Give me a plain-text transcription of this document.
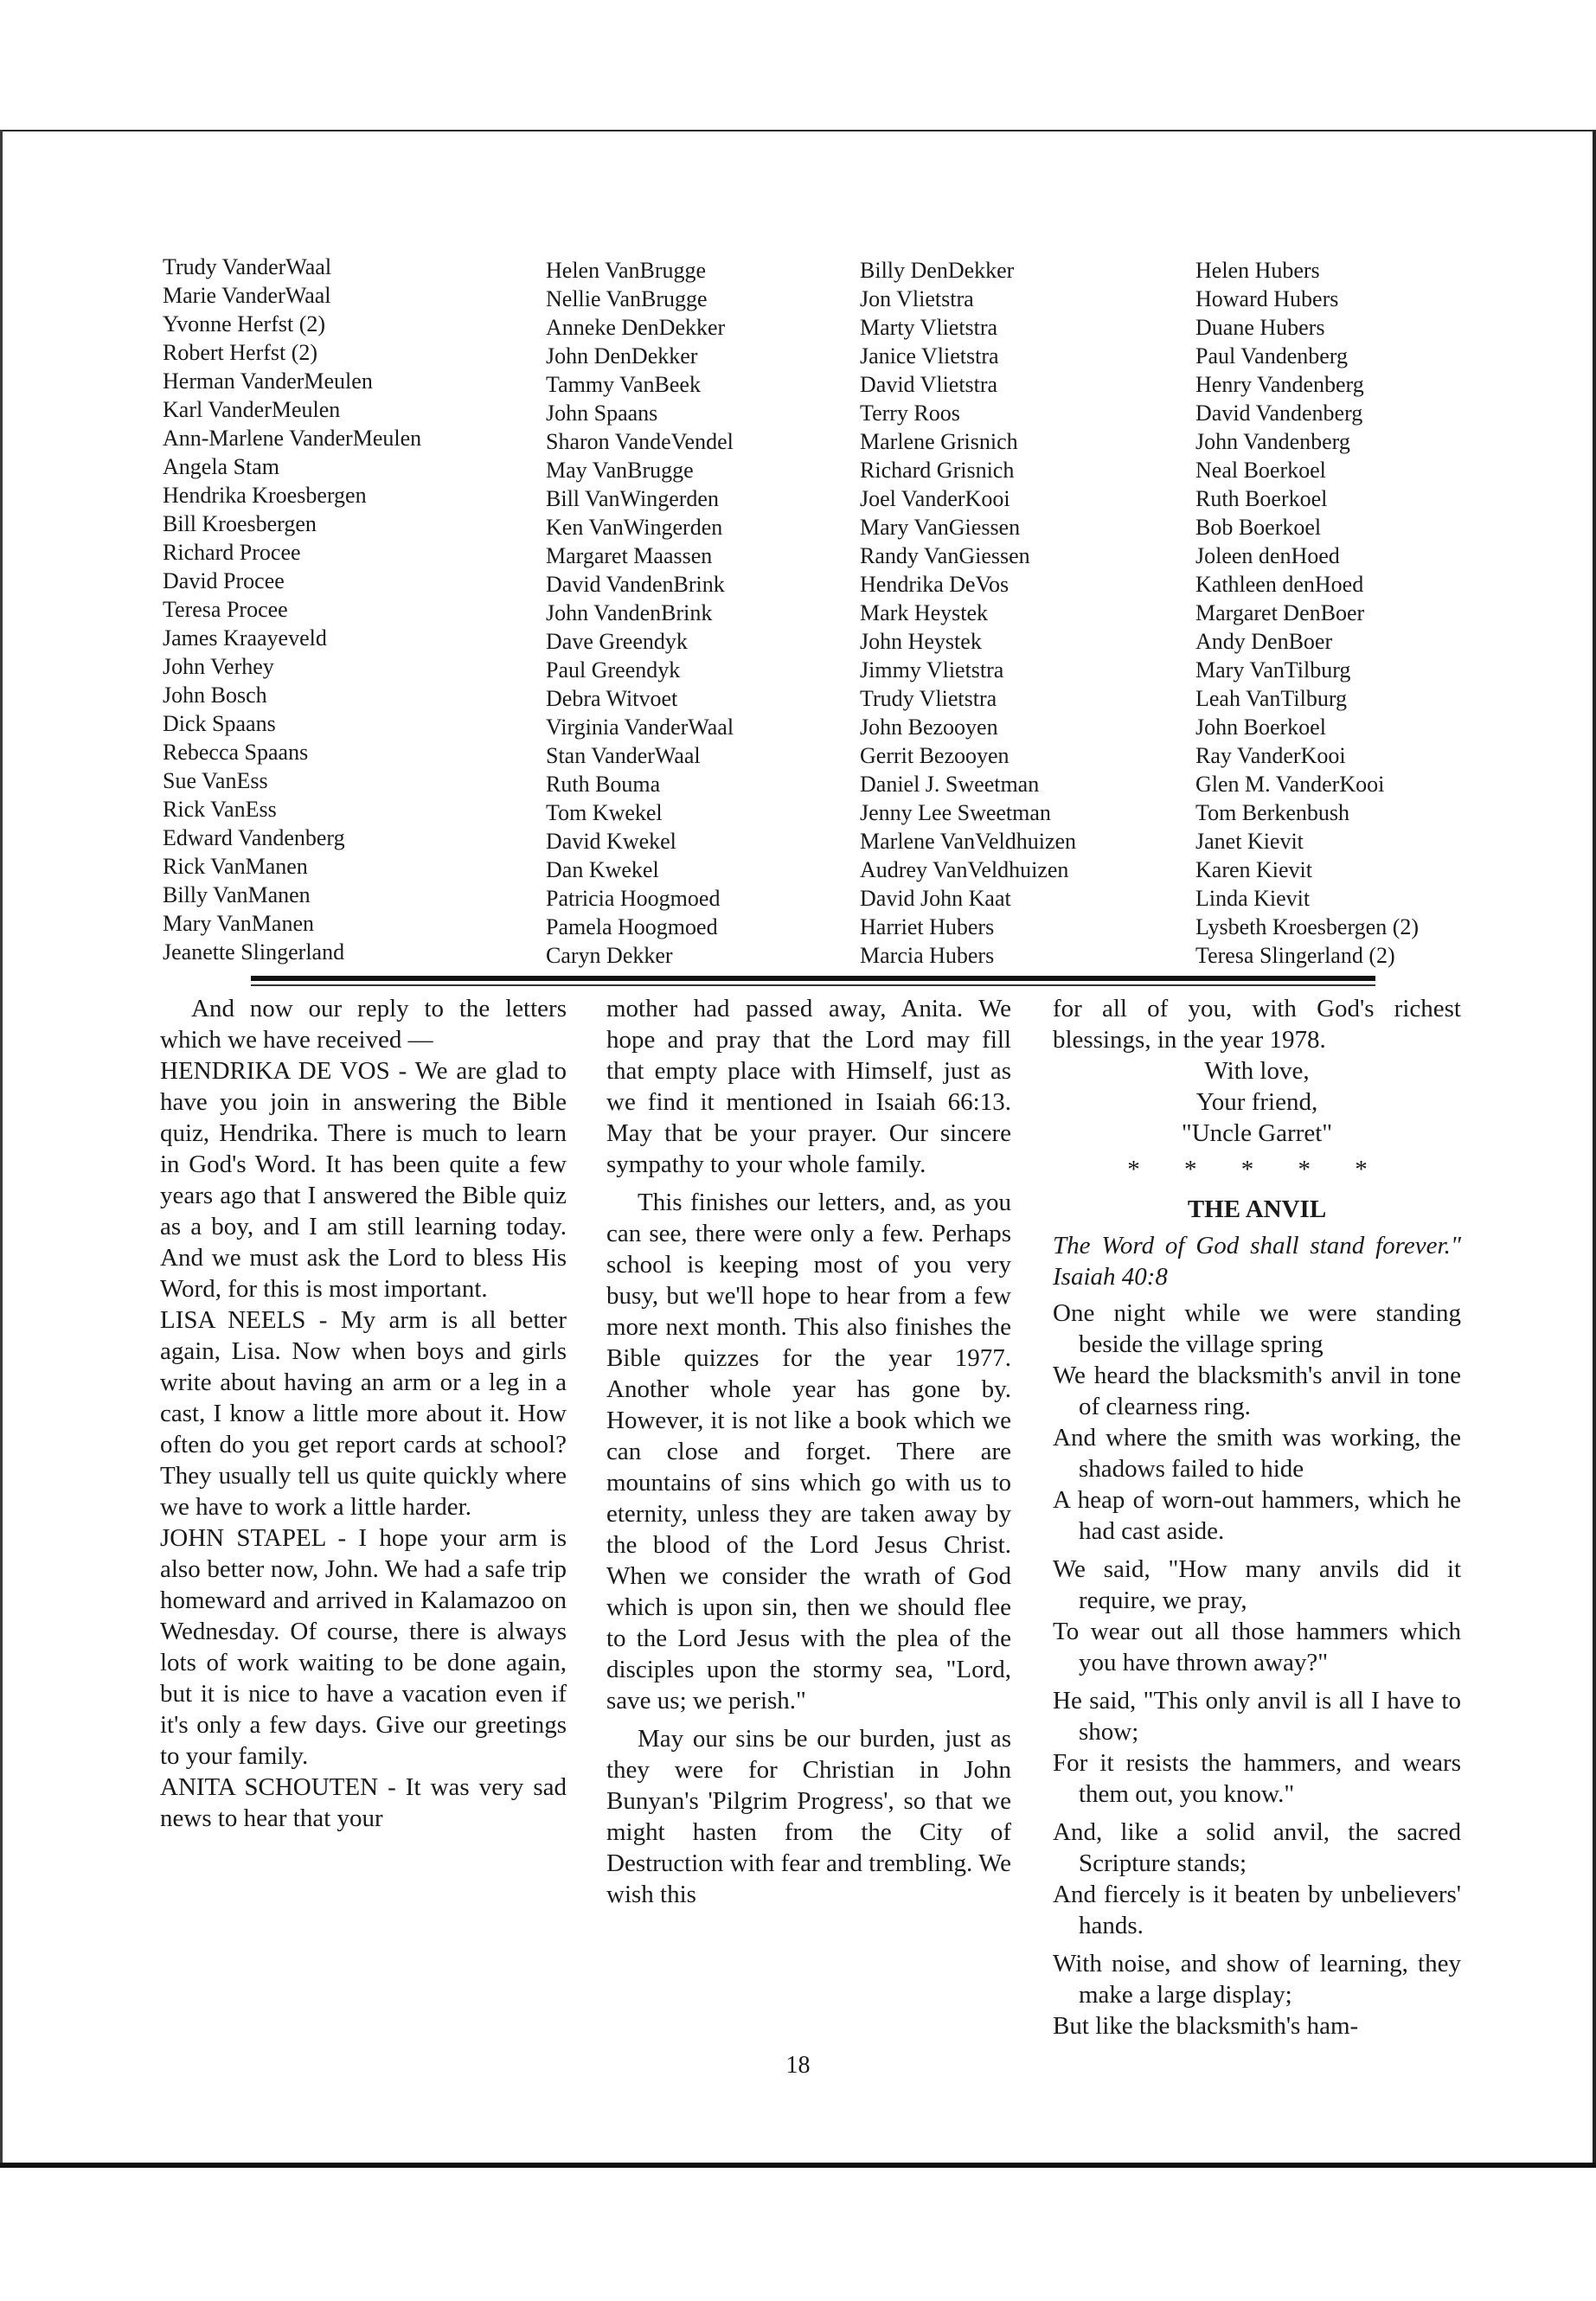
Trudy VanderWaal
Marie VanderWaal
Yvonne Herfst (2)
Robert Herfst (2)
Herman VanderMeulen
Karl VanderMeulen
Ann-Marlene VanderMeulen
Angela Stam
Hendrika Kroesbergen
Bill Kroesbergen
Richard Procee
David Procee
Teresa Procee
James Kraayeveld
John Verhey
John Bosch
Dick Spaans
Rebecca Spaans
Sue VanEss
Rick VanEss
Edward Vandenberg
Rick VanManen
Billy VanManen
Mary VanManen
Jeanette Slingerland
Helen VanBrugge
Nellie VanBrugge
Anneke DenDekker
John DenDekker
Tammy VanBeek
John Spaans
Sharon VandeVendel
May VanBrugge
Bill VanWingerden
Ken VanWingerden
Margaret Maassen
David VandenBrink
John VandenBrink
Dave Greendyk
Paul Greendyk
Debra Witvoet
Virginia VanderWaal
Stan VanderWaal
Ruth Bouma
Tom Kwekel
David Kwekel
Dan Kwekel
Patricia Hoogmoed
Pamela Hoogmoed
Caryn Dekker
Billy DenDekker
Jon Vlietstra
Marty Vlietstra
Janice Vlietstra
David Vlietstra
Terry Roos
Marlene Grisnich
Richard Grisnich
Joel VanderKooi
Mary VanGiessen
Randy VanGiessen
Hendrika DeVos
Mark Heystek
John Heystek
Jimmy Vlietstra
Trudy Vlietstra
John Bezooyen
Gerrit Bezooyen
Daniel J. Sweetman
Jenny Lee Sweetman
Marlene VanVeldhuizen
Audrey VanVeldhuizen
David John Kaat
Harriet Hubers
Marcia Hubers
Helen Hubers
Howard Hubers
Duane Hubers
Paul Vandenberg
Henry Vandenberg
David Vandenberg
John Vandenberg
Neal Boerkoel
Ruth Boerkoel
Bob Boerkoel
Joleen denHoed
Kathleen denHoed
Margaret DenBoer
Andy DenBoer
Mary VanTilburg
Leah VanTilburg
John Boerkoel
Ray VanderKooi
Glen M. VanderKooi
Tom Berkenbush
Janet Kievit
Karen Kievit
Linda Kievit
Lysbeth Kroesbergen (2)
Teresa Slingerland (2)

And now our reply to the letters which we have received —

HENDRIKA DE VOS - We are glad to have you join in answering the Bible quiz, Hendrika. There is much to learn in God's Word. It has been quite a few years ago that I answered the Bible quiz as a boy, and I am still learning today. And we must ask the Lord to bless His Word, for this is most important.

LISA NEELS - My arm is all better again, Lisa. Now when boys and girls write about having an arm or a leg in a cast, I know a little more about it. How often do you get report cards at school? They usually tell us quite quickly where we have to work a little harder.

JOHN STAPEL - I hope your arm is also better now, John. We had a safe trip homeward and arrived in Kalamazoo on Wednesday. Of course, there is always lots of work waiting to be done again, but it is nice to have a vacation even if it's only a few days. Give our greetings to your family.

ANITA SCHOUTEN - It was very sad news to hear that your

mother had passed away, Anita. We hope and pray that the Lord may fill that empty place with Himself, just as we find it mentioned in Isaiah 66:13. May that be your prayer. Our sincere sympathy to your whole family.

This finishes our letters, and, as you can see, there were only a few. Perhaps school is keeping most of you very busy, but we'll hope to hear from a few more next month. This also finishes the Bible quizzes for the year 1977. Another whole year has gone by. However, it is not like a book which we can close and forget. There are mountains of sins which go with us to eternity, unless they are taken away by the blood of the Lord Jesus Christ. When we consider the wrath of God which is upon sin, then we should flee to the Lord Jesus with the plea of the disciples upon the stormy sea, "Lord, save us; we perish."

May our sins be our burden, just as they were for Christian in John Bunyan's 'Pilgrim Progress', so that we might hasten from the City of Destruction with fear and trembling. We wish this

for all of you, with God's richest blessings, in the year 1978.

With love,

Your friend,

"Uncle Garret"

* * * * *

THE ANVIL

The Word of God shall stand forever." Isaiah 40:8

One night while we were standing beside the village spring

We heard the blacksmith's anvil in tone of clearness ring.

And where the smith was working, the shadows failed to hide

A heap of worn-out hammers, which he had cast aside.

We said, "How many anvils did it require, we pray,

To wear out all those hammers which you have thrown away?"

He said, "This only anvil is all I have to show;

For it resists the hammers, and wears them out, you know."

And, like a solid anvil, the sacred Scripture stands;

And fiercely is it beaten by unbelievers' hands.

With noise, and show of learning, they make a large display;

But like the blacksmith's ham-

18
